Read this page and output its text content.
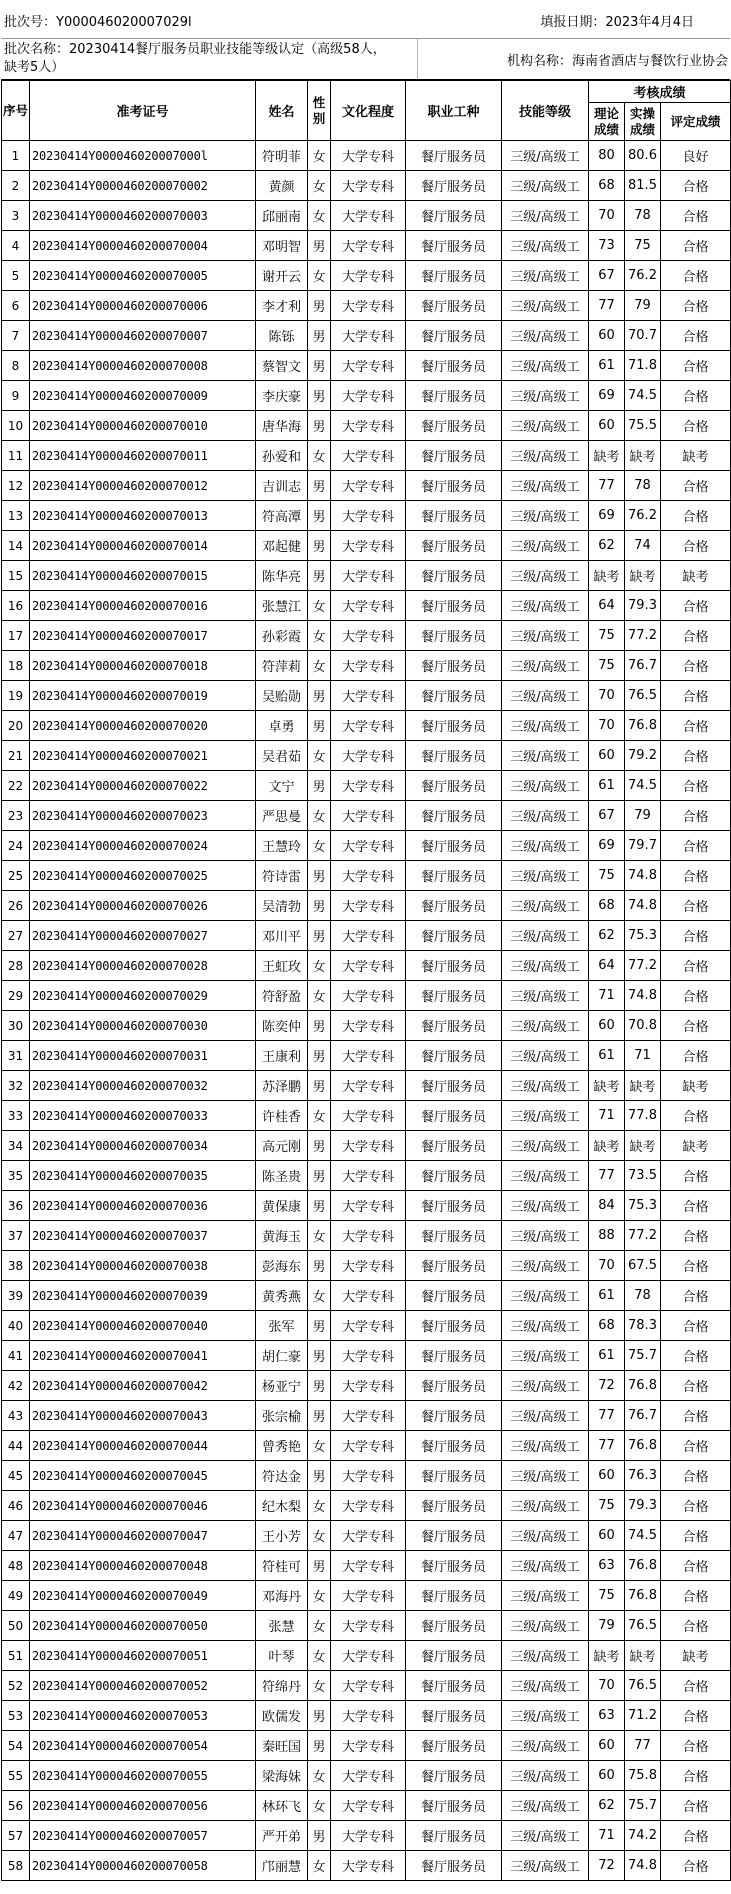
批次号：Y000046020007029l	填报日期：2023年4月4日
批次名称：20230414餐厅服务员职业技能等级认定（高级58人，缺考5人）	机构名称：海南省酒店与餐饮行业协会
序号	准考证号	姓名	性别	文化程度	职业工种	技能等级	考核成绩		
							理论成绩	实操成绩	评定成绩
1	20230414Y000046020007000l	符明菲	女	大学专科	餐厅服务员	三级/高级工	80	80.6	良好
2	20230414Y0000460200070002	黄颜	女	大学专科	餐厅服务员	三级/高级工	68	81.5	合格
3	20230414Y0000460200070003	邱丽南	女	大学专科	餐厅服务员	三级/高级工	70	78	合格
4	20230414Y0000460200070004	邓明智	男	大学专科	餐厅服务员	三级/高级工	73	75	合格
5	20230414Y0000460200070005	谢开云	女	大学专科	餐厅服务员	三级/高级工	67	76.2	合格
6	20230414Y0000460200070006	李才利	男	大学专科	餐厅服务员	三级/高级工	77	79	合格
7	20230414Y0000460200070007	陈铄	男	大学专科	餐厅服务员	三级/高级工	60	70.7	合格
8	20230414Y0000460200070008	蔡智文	男	大学专科	餐厅服务员	三级/高级工	61	71.8	合格
9	20230414Y0000460200070009	李庆豪	男	大学专科	餐厅服务员	三级/高级工	69	74.5	合格
10	20230414Y0000460200070010	唐华海	男	大学专科	餐厅服务员	三级/高级工	60	75.5	合格
11	20230414Y0000460200070011	孙爱和	女	大学专科	餐厅服务员	三级/高级工	缺考	缺考	缺考
12	20230414Y0000460200070012	吉训志	男	大学专科	餐厅服务员	三级/高级工	77	78	合格
13	20230414Y0000460200070013	符高潭	男	大学专科	餐厅服务员	三级/高级工	69	76.2	合格
14	20230414Y0000460200070014	邓起健	男	大学专科	餐厅服务员	三级/高级工	62	74	合格
15	20230414Y0000460200070015	陈华亮	男	大学专科	餐厅服务员	三级/高级工	缺考	缺考	缺考
16	20230414Y0000460200070016	张慧江	女	大学专科	餐厅服务员	三级/高级工	64	79.3	合格
17	20230414Y0000460200070017	孙彩霞	女	大学专科	餐厅服务员	三级/高级工	75	77.2	合格
18	20230414Y0000460200070018	符萍莉	女	大学专科	餐厅服务员	三级/高级工	75	76.7	合格
19	20230414Y0000460200070019	吴贻勋	男	大学专科	餐厅服务员	三级/高级工	70	76.5	合格
20	20230414Y0000460200070020	卓勇	男	大学专科	餐厅服务员	三级/高级工	70	76.8	合格
21	20230414Y0000460200070021	吴君茹	女	大学专科	餐厅服务员	三级/高级工	60	79.2	合格
22	20230414Y0000460200070022	文宁	男	大学专科	餐厅服务员	三级/高级工	61	74.5	合格
23	20230414Y0000460200070023	严思曼	女	大学专科	餐厅服务员	三级/高级工	67	79	合格
24	20230414Y0000460200070024	王慧玲	女	大学专科	餐厅服务员	三级/高级工	69	79.7	合格
25	20230414Y0000460200070025	符诗雷	男	大学专科	餐厅服务员	三级/高级工	75	74.8	合格
26	20230414Y0000460200070026	吴清勃	男	大学专科	餐厅服务员	三级/高级工	68	74.8	合格
27	20230414Y0000460200070027	邓川平	男	大学专科	餐厅服务员	三级/高级工	62	75.3	合格
28	20230414Y0000460200070028	王虹玫	女	大学专科	餐厅服务员	三级/高级工	64	77.2	合格
29	20230414Y0000460200070029	符舒盈	女	大学专科	餐厅服务员	三级/高级工	71	74.8	合格
30	20230414Y0000460200070030	陈奕仲	男	大学专科	餐厅服务员	三级/高级工	60	70.8	合格
31	20230414Y0000460200070031	王康利	男	大学专科	餐厅服务员	三级/高级工	61	71	合格
32	20230414Y0000460200070032	苏泽鹏	男	大学专科	餐厅服务员	三级/高级工	缺考	缺考	缺考
33	20230414Y0000460200070033	许桂香	女	大学专科	餐厅服务员	三级/高级工	71	77.8	合格
34	20230414Y0000460200070034	高元刚	男	大学专科	餐厅服务员	三级/高级工	缺考	缺考	缺考
35	20230414Y0000460200070035	陈圣贵	男	大学专科	餐厅服务员	三级/高级工	77	73.5	合格
36	20230414Y0000460200070036	黄保康	男	大学专科	餐厅服务员	三级/高级工	84	75.3	合格
37	20230414Y0000460200070037	黄海玉	女	大学专科	餐厅服务员	三级/高级工	88	77.2	合格
38	20230414Y0000460200070038	彭海东	男	大学专科	餐厅服务员	三级/高级工	70	67.5	合格
39	20230414Y0000460200070039	黄秀燕	女	大学专科	餐厅服务员	三级/高级工	61	78	合格
40	20230414Y0000460200070040	张军	男	大学专科	餐厅服务员	三级/高级工	68	78.3	合格
41	20230414Y0000460200070041	胡仁豪	男	大学专科	餐厅服务员	三级/高级工	61	75.7	合格
42	20230414Y0000460200070042	杨亚宁	男	大学专科	餐厅服务员	三级/高级工	72	76.8	合格
43	20230414Y0000460200070043	张宗榆	男	大学专科	餐厅服务员	三级/高级工	77	76.7	合格
44	20230414Y0000460200070044	曾秀艳	女	大学专科	餐厅服务员	三级/高级工	77	76.8	合格
45	20230414Y0000460200070045	符达金	男	大学专科	餐厅服务员	三级/高级工	60	76.3	合格
46	20230414Y0000460200070046	纪木梨	女	大学专科	餐厅服务员	三级/高级工	75	79.3	合格
47	20230414Y0000460200070047	王小芳	女	大学专科	餐厅服务员	三级/高级工	60	74.5	合格
48	20230414Y0000460200070048	符桂可	男	大学专科	餐厅服务员	三级/高级工	63	76.8	合格
49	20230414Y0000460200070049	邓海丹	女	大学专科	餐厅服务员	三级/高级工	75	76.8	合格
50	20230414Y0000460200070050	张慧	女	大学专科	餐厅服务员	三级/高级工	79	76.5	合格
51	20230414Y0000460200070051	叶琴	女	大学专科	餐厅服务员	三级/高级工	缺考	缺考	缺考
52	20230414Y0000460200070052	符绵丹	女	大学专科	餐厅服务员	三级/高级工	70	76.5	合格
53	20230414Y0000460200070053	欧儒发	男	大学专科	餐厅服务员	三级/高级工	63	71.2	合格
54	20230414Y0000460200070054	秦旺国	男	大学专科	餐厅服务员	三级/高级工	60	77	合格
55	20230414Y0000460200070055	梁海妹	女	大学专科	餐厅服务员	三级/高级工	60	75.8	合格
56	20230414Y0000460200070056	林环飞	女	大学专科	餐厅服务员	三级/高级工	62	75.7	合格
57	20230414Y0000460200070057	严开弟	男	大学专科	餐厅服务员	三级/高级工	71	74.2	合格
58	20230414Y0000460200070058	邝丽慧	女	大学专科	餐厅服务员	三级/高级工	72	74.8	合格
